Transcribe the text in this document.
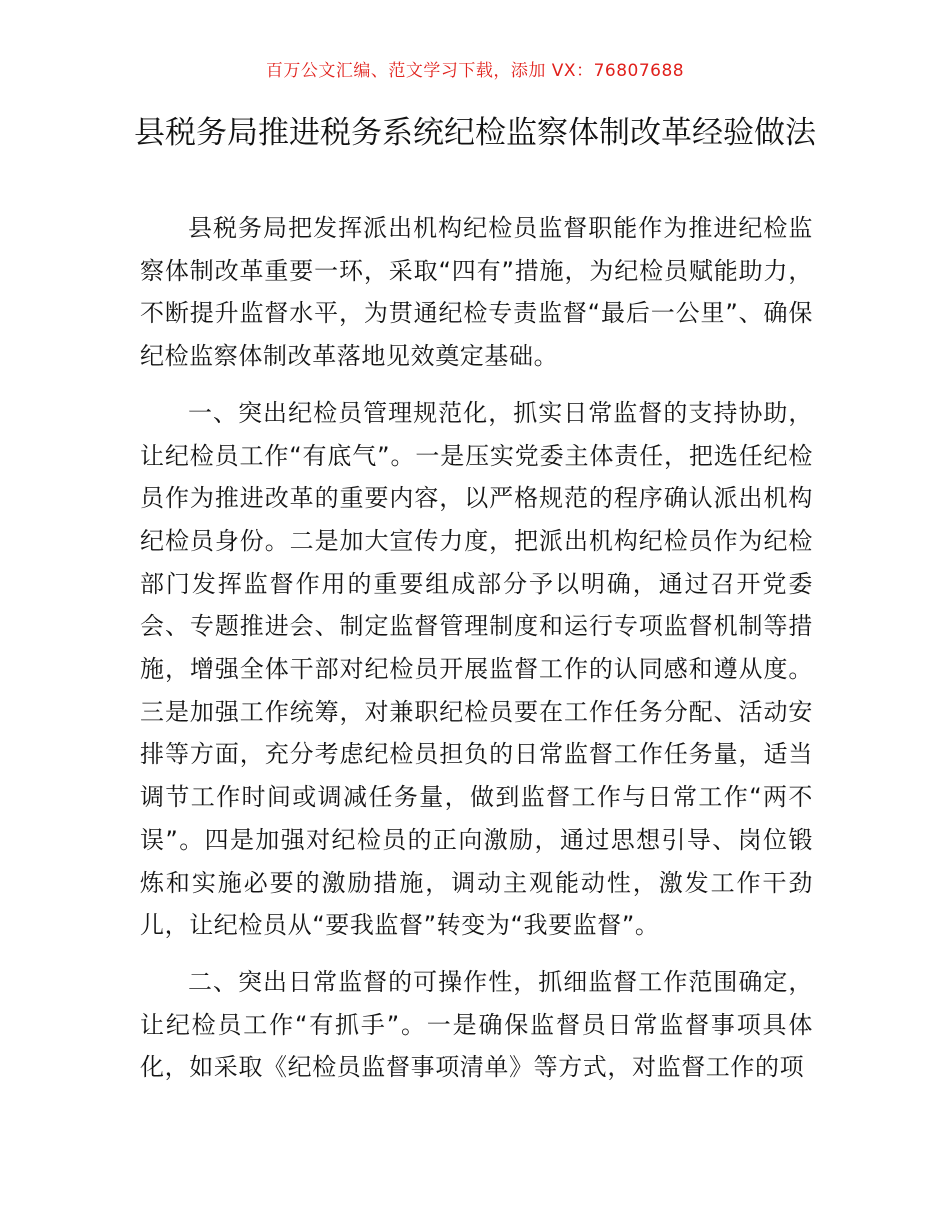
百万公文汇编、范文学习下载，添加 VX：76807688
县税务局推进税务系统纪检监察体制改革经验做法

县税务局把发挥派出机构纪检员监督职能作为推进纪检监察体制改革重要一环，采取“四有”措施，为纪检员赋能助力，不断提升监督水平，为贯通纪检专责监督“最后一公里”、确保纪检监察体制改革落地见效奠定基础。

一、突出纪检员管理规范化，抓实日常监督的支持协助，让纪检员工作“有底气”。一是压实党委主体责任，把选任纪检员作为推进改革的重要内容，以严格规范的程序确认派出机构纪检员身份。二是加大宣传力度，把派出机构纪检员作为纪检部门发挥监督作用的重要组成部分予以明确，通过召开党委会、专题推进会、制定监督管理制度和运行专项监督机制等措施，增强全体干部对纪检员开展监督工作的认同感和遵从度。三是加强工作统筹，对兼职纪检员要在工作任务分配、活动安排等方面，充分考虑纪检员担负的日常监督工作任务量，适当调节工作时间或调减任务量，做到监督工作与日常工作“两不误”。四是加强对纪检员的正向激励，通过思想引导、岗位锻炼和实施必要的激励措施，调动主观能动性，激发工作干劲儿，让纪检员从“要我监督”转变为“我要监督”。

二、突出日常监督的可操作性，抓细监督工作范围确定，让纪检员工作“有抓手”。一是确保监督员日常监督事项具体化，如采取《纪检员监督事项清单》等方式，对监督工作的项
